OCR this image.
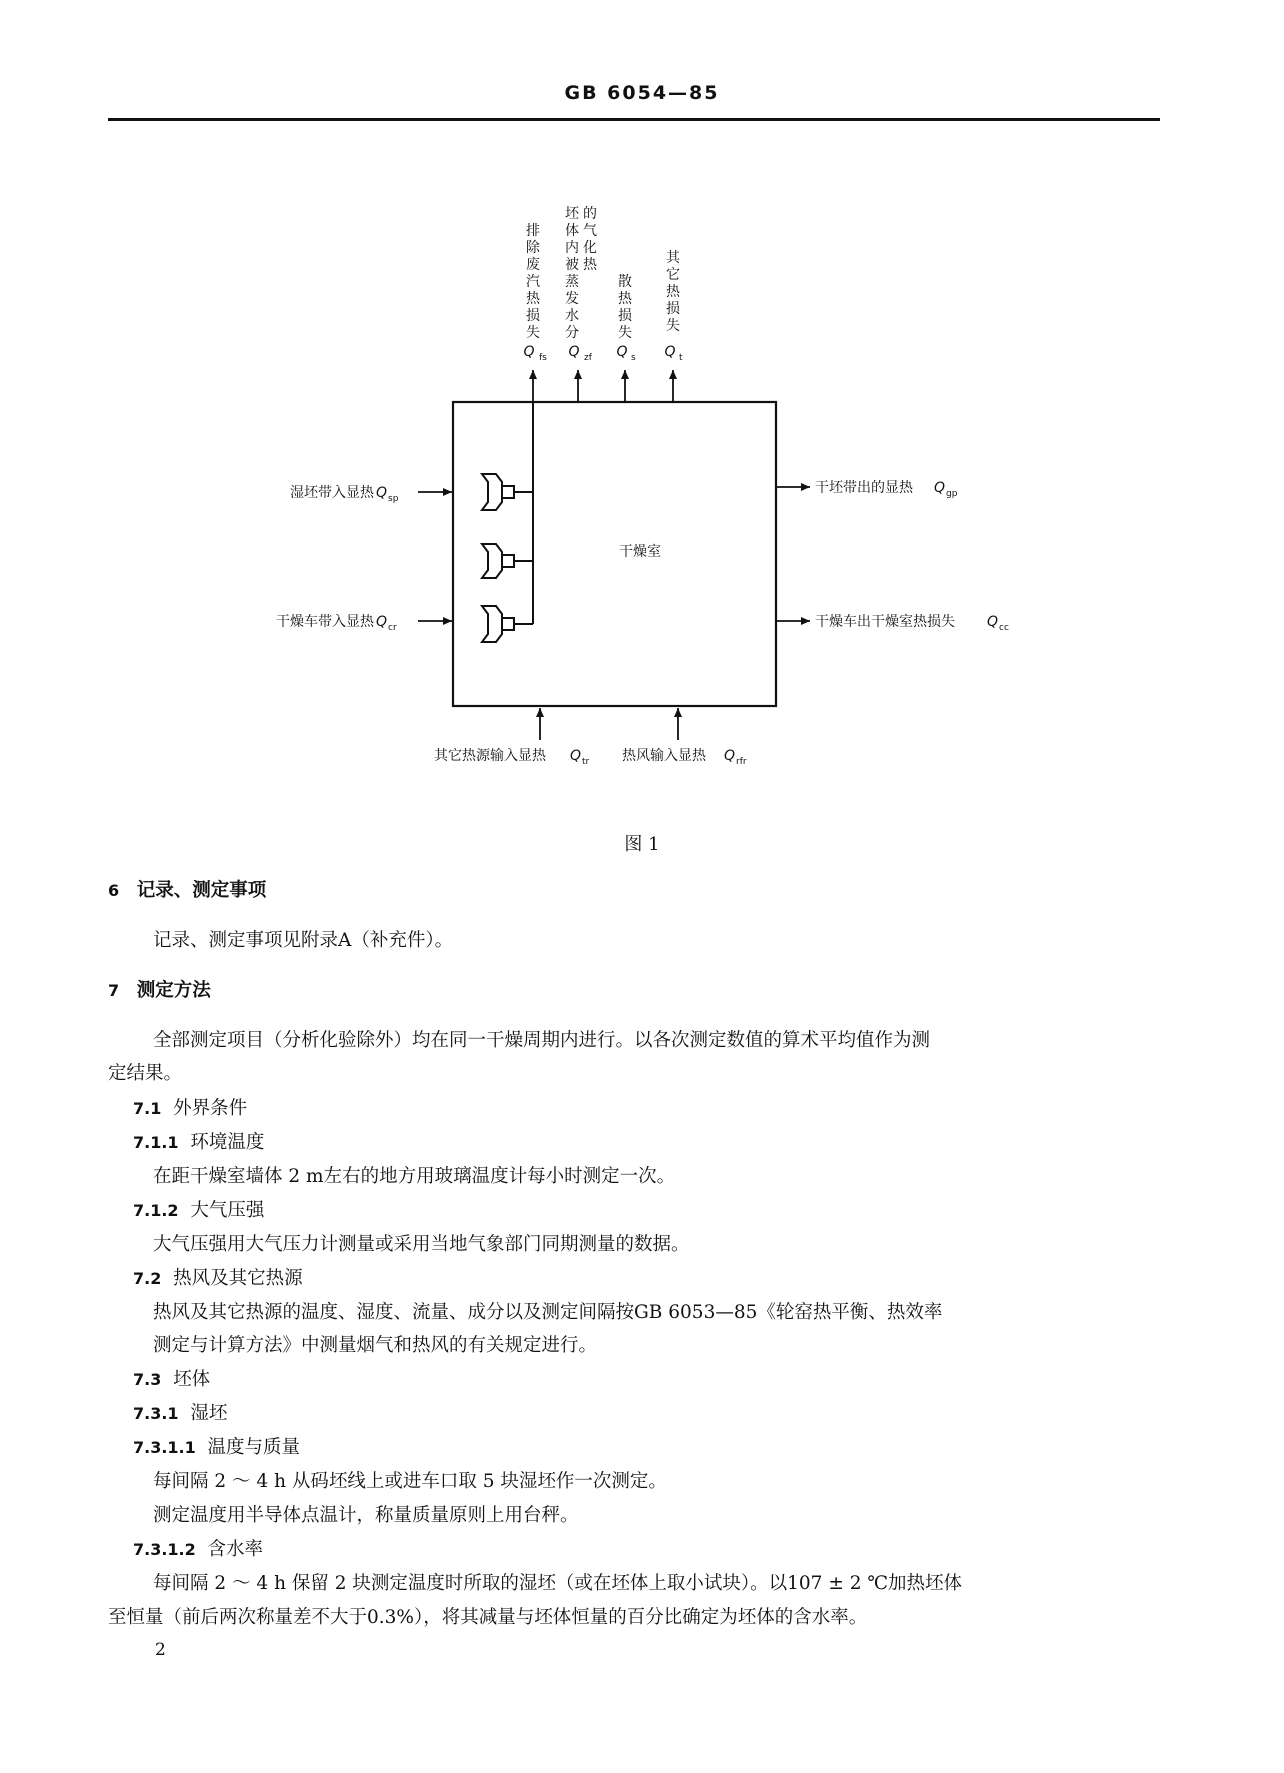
GB 6054—85
干燥室
排
除
废
汽
热
损
失
Q fs
坯
体
内
被
蒸
发
水
分
的
气
化
热
Q zf
散
热
损
失
Q s
其
它
热
损
失
Q t
湿坯带入显热 Q sp
干燥车带入显热 Q cr
干坯带出的显热 Q gp
干燥车出干燥室热损失 Q cc
其它热源输入显热 Q tr 热风输入显热 Q rfr
图 1
6 记录、测定事项
记录、测定事项见附录A（补充件）。
7 测定方法
全部测定项目（分析化验除外）均在同一干燥周期内进行。以各次测定数值的算术平均值作为测
定结果。
7.1 外界条件
7.1.1 环境温度
在距干燥室墙体 2 m左右的地方用玻璃温度计每小时测定一次。
7.1.2 大气压强
大气压强用大气压力计测量或采用当地气象部门同期测量的数据。
7.2 热风及其它热源
热风及其它热源的温度、湿度、流量、成分以及测定间隔按GB 6053—85《轮窑热平衡、热效率
测定与计算方法》中测量烟气和热风的有关规定进行。
7.3 坯体
7.3.1 湿坯
7.3.1.1 温度与质量
每间隔 2 ～ 4 h 从码坯线上或进车口取 5 块湿坯作一次测定。
测定温度用半导体点温计，称量质量原则上用台秤。
7.3.1.2 含水率
每间隔 2 ～ 4 h 保留 2 块测定温度时所取的湿坯（或在坯体上取小试块）。以107 ± 2 ℃加热坯体
至恒量（前后两次称量差不大于0.3%），将其减量与坯体恒量的百分比确定为坯体的含水率。
2
